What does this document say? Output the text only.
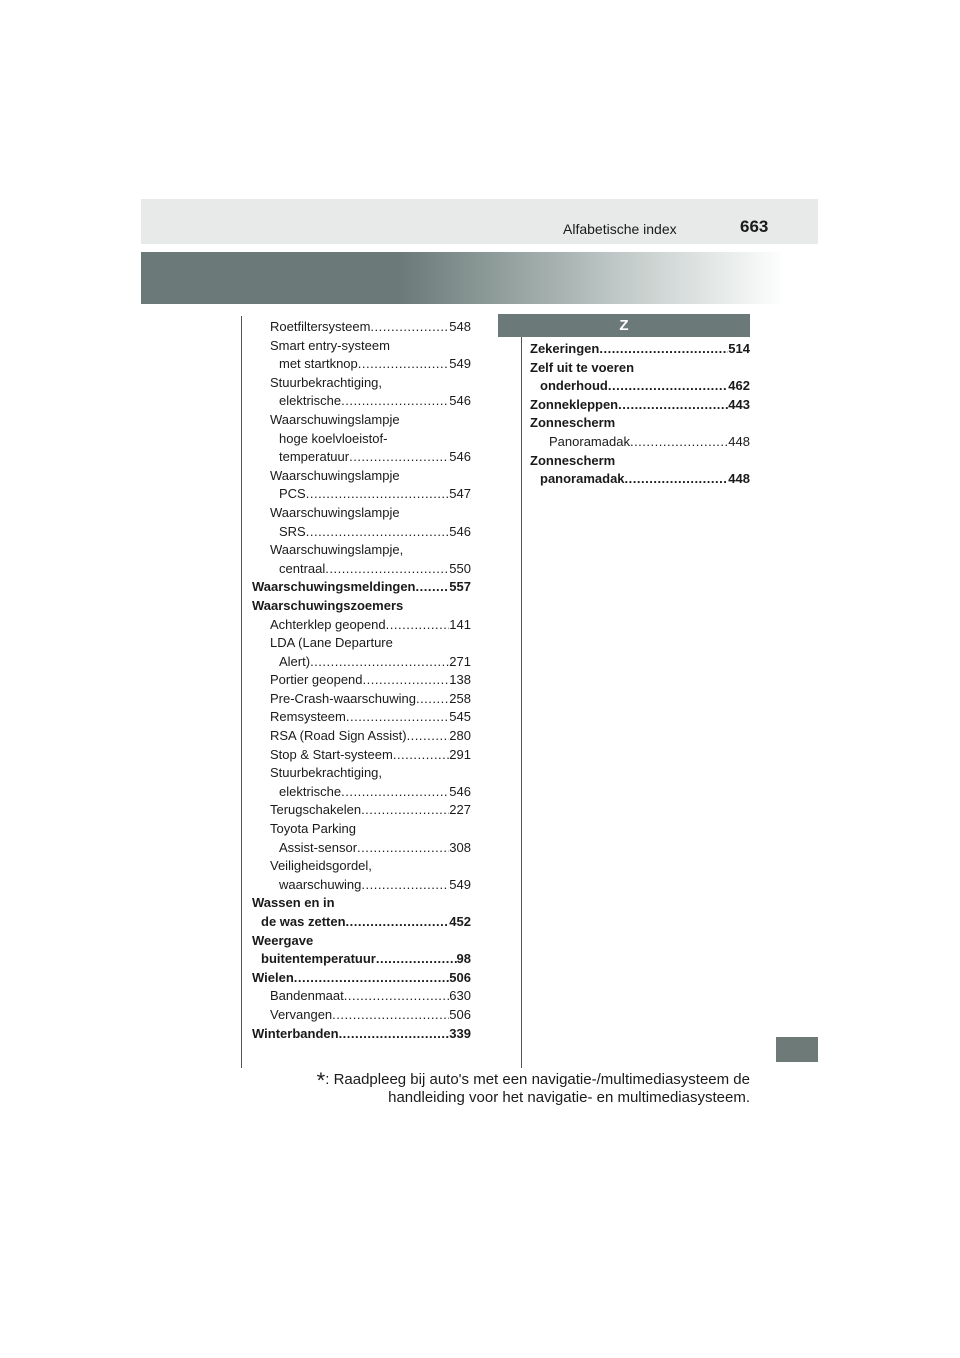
Alfabetische index	663
Roetfiltersysteem .....	548
Smart entry-systeem
met startknop .....	549
Stuurbekrachtiging,
elektrische .....	546
Waarschuwingslampje
hoge koelvloeistof-
temperatuur .....	546
Waarschuwingslampje
PCS .....	547
Waarschuwingslampje
SRS .....	546
Waarschuwingslampje,
centraal .....	550
Waarschuwingsmeldingen .....	557
Waarschuwingszoemers
Achterklep geopend .....	141
LDA (Lane Departure
Alert) .....	271
Portier geopend .....	138
Pre-Crash-waarschuwing .....	258
Remsysteem .....	545
RSA (Road Sign Assist) .....	280
Stop & Start-systeem .....	291
Stuurbekrachtiging,
elektrische .....	546
Terugschakelen .....	227
Toyota Parking
Assist-sensor .....	308
Veiligheidsgordel,
waarschuwing .....	549
Wassen en in
de was zetten .....	452
Weergave
buitentemperatuur .....	98
Wielen .....	506
Bandenmaat .....	630
Vervangen .....	506
Winterbanden .....	339
Z
Zekeringen .....	514
Zelf uit te voeren
onderhoud .....	462
Zonnekleppen .....	443
Zonnescherm
Panoramadak .....	448
Zonnescherm
panoramadak .....	448
*: Raadpleeg bij auto's met een navigatie-/multimediasysteem de
handleiding voor het navigatie- en multimediasysteem.
